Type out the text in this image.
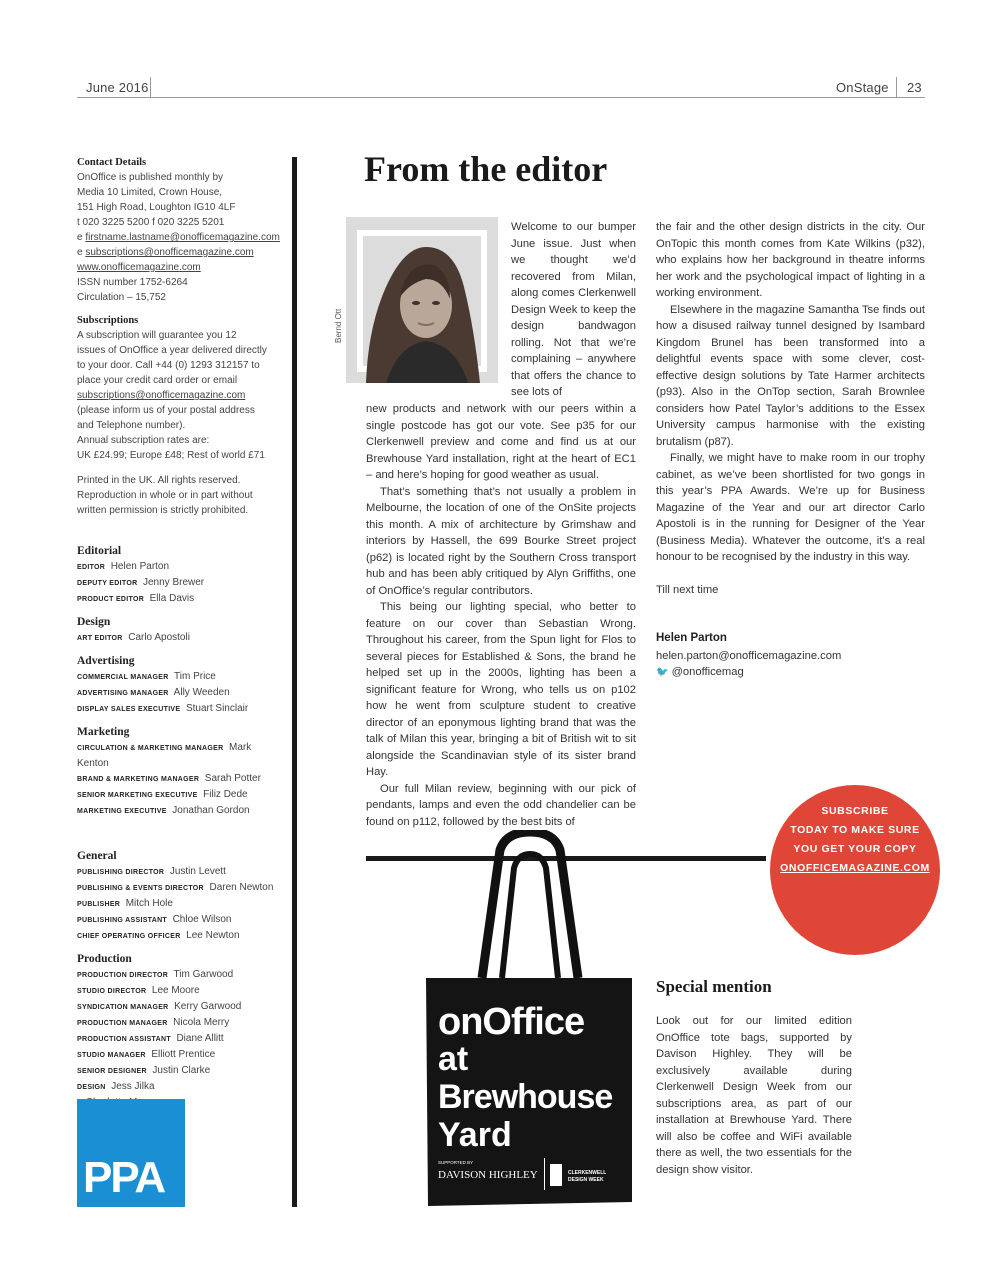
June 2016	OnStage 23
Contact Details
OnOffice is published monthly by
Media 10 Limited, Crown House,
151 High Road, Loughton IG10 4LF
t 020 3225 5200 f 020 3225 5201
e firstname.lastname@onofficemagazine.com
e subscriptions@onofficemagazine.com
www.onofficemagazine.com
ISSN number 1752-6264
Circulation – 15,752
Subscriptions
A subscription will guarantee you 12
issues of OnOffice a year delivered directly
to your door. Call +44 (0) 1293 312157 to
place your credit card order or email
subscriptions@onofficemagazine.com
(please inform us of your postal address
and Telephone number).
Annual subscription rates are:
UK £24.99; Europe £48; Rest of world £71
Printed in the UK. All rights reserved.
Reproduction in whole or in part without
written permission is strictly prohibited.
Editorial
EDITOR Helen Parton
DEPUTY EDITOR Jenny Brewer
PRODUCT EDITOR Ella Davis
Design
ART EDITOR Carlo Apostoli
Advertising
COMMERCIAL MANAGER Tim Price
ADVERTISING MANAGER Ally Weeden
DISPLAY SALES EXECUTIVE Stuart Sinclair
Marketing
CIRCULATION & MARKETING MANAGER Mark Kenton
BRAND & MARKETING MANAGER Sarah Potter
SENIOR MARKETING EXECUTIVE Filiz Dede
MARKETING EXECUTIVE Jonathan Gordon
General
PUBLISHING DIRECTOR Justin Levett
PUBLISHING & EVENTS DIRECTOR Daren Newton
PUBLISHER Mitch Hole
PUBLISHING ASSISTANT Chloe Wilson
CHIEF OPERATING OFFICER Lee Newton
Production
PRODUCTION DIRECTOR Tim Garwood
STUDIO DIRECTOR Lee Moore
SYNDICATION MANAGER Kerry Garwood
PRODUCTION MANAGER Nicola Merry
PRODUCTION ASSISTANT Diane Allitt
STUDIO MANAGER Elliott Prentice
SENIOR DESIGNER Justin Clarke
DESIGN Jess Jilka
PPA
From the editor
Bernd Ott

Welcome to our bumper June issue. Just when we thought we’d recovered from Milan, along comes Clerkenwell Design Week to keep the design bandwagon rolling. Not that we’re complaining – anywhere that offers the chance to see lots of

new products and network with our peers within a single postcode has got our vote. See p35 for our Clerkenwell preview and come and find us at our Brewhouse Yard installation, right at the heart of EC1 – and here’s hoping for good weather as usual.

That’s something that’s not usually a problem in Melbourne, the location of one of the OnSite projects this month. A mix of architecture by Grimshaw and interiors by Hassell, the 699 Bourke Street project (p62) is located right by the Southern Cross transport hub and has been ably critiqued by Alyn Griffiths, one of OnOffice’s regular contributors.

This being our lighting special, who better to feature on our cover than Sebastian Wrong. Throughout his career, from the Spun light for Flos to several pieces for Established & Sons, the brand he helped set up in the 2000s, lighting has been a significant feature for Wrong, who tells us on p102 how he went from sculpture student to creative director of an eponymous lighting brand that was the talk of Milan this year, bringing a bit of British wit to sit alongside the Scandinavian style of its sister brand Hay.

Our full Milan review, beginning with our pick of pendants, lamps and even the odd chandelier can be found on p112, followed by the best bits of

the fair and the other design districts in the city. Our OnTopic this month comes from Kate Wilkins (p32), who explains how her background in theatre informs her work and the psychological impact of lighting in a working environment.

Elsewhere in the magazine Samantha Tse finds out how a disused railway tunnel designed by Isambard Kingdom Brunel has been transformed into a delightful events space with some clever, cost-effective design solutions by Tate Harmer architects (p93). Also in the OnTop section, Sarah Brownlee considers how Patel Taylor’s additions to the Essex University campus harmonise with the existing brutalism (p87).

Finally, we might have to make room in our trophy cabinet, as we’ve been shortlisted for two gongs in this year’s PPA Awards. We’re up for Business Magazine of the Year and our art director Carlo Apostoli is in the running for Designer of the Year (Business Media). Whatever the outcome, it’s a real honour to be recognised by the industry in this way.

Till next time

Helen Parton
helen.parton@onofficemagazine.com
🐦 @onofficemag
onOffice
at
Brewhouse
Yard
SUPPORTED BY
DAVISON HIGHLEY	CLERKENWELL
DESIGN WEEK
SUBSCRIBE
TODAY TO MAKE SURE
YOU GET YOUR COPY
ONOFFICEMAGAZINE.COM
Special mention
Look out for our limited edition OnOffice tote bags, supported by Davison Highley. They will be exclusively available during Clerkenwell Design Week from our subscriptions area, as part of our installation at Brewhouse Yard. There will also be coffee and WiFi available there as well, the two essentials for the design show visitor.
